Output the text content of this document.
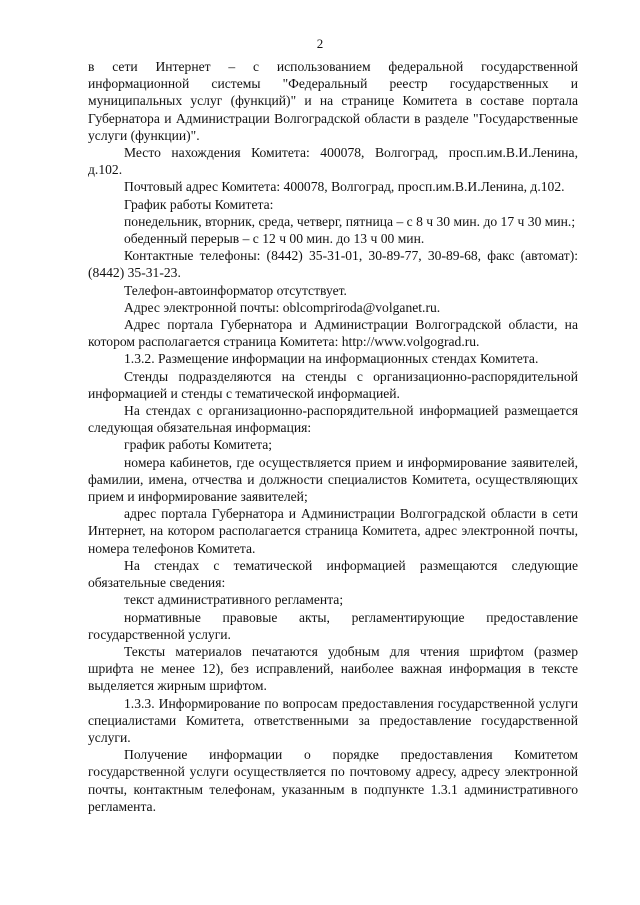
2

в сети Интернет – с использованием федеральной государственной информационной системы "Федеральный реестр государственных и муниципальных услуг (функций)" и на странице Комитета в составе портала Губернатора и Администрации Волгоградской области в разделе "Государственные услуги (функции)".

Место нахождения Комитета: 400078, Волгоград, просп.им.В.И.Ленина, д.102.

Почтовый адрес Комитета: 400078, Волгоград, просп.им.В.И.Ленина, д.102.

График работы Комитета:

понедельник, вторник, среда, четверг, пятница – с 8 ч 30 мин. до 17 ч 30 мин.;

обеденный перерыв – с 12 ч 00 мин. до 13 ч 00 мин.

Контактные телефоны: (8442) 35-31-01, 30-89-77, 30-89-68, факс (автомат): (8442) 35-31-23.

Телефон-автоинформатор отсутствует.

Адрес электронной почты: oblcompriroda@volganet.ru.

Адрес портала Губернатора и Администрации Волгоградской области, на котором располагается страница Комитета: http://www.volgograd.ru.

1.3.2. Размещение информации на информационных стендах Комитета.

Стенды подразделяются на стенды с организационно-распорядительной информацией и стенды с тематической информацией.

На стендах с организационно-распорядительной информацией размещается следующая обязательная информация:

график работы Комитета;

номера кабинетов, где осуществляется прием и информирование заявителей, фамилии, имена, отчества и должности специалистов Комитета, осуществляющих прием и информирование заявителей;

адрес портала Губернатора и Администрации Волгоградской области в сети Интернет, на котором располагается страница Комитета, адрес электронной почты, номера телефонов Комитета.

На стендах с тематической информацией размещаются следующие обязательные сведения:

текст административного регламента;

нормативные правовые акты, регламентирующие предоставление государственной услуги.

Тексты материалов печатаются удобным для чтения шрифтом (размер шрифта не менее 12), без исправлений, наиболее важная информация в тексте выделяется жирным шрифтом.

1.3.3. Информирование по вопросам предоставления государственной услуги специалистами Комитета, ответственными за предоставление государственной услуги.

Получение информации о порядке предоставления Комитетом государственной услуги осуществляется по почтовому адресу, адресу электронной почты, контактным телефонам, указанным в подпункте 1.3.1 административного регламента.
